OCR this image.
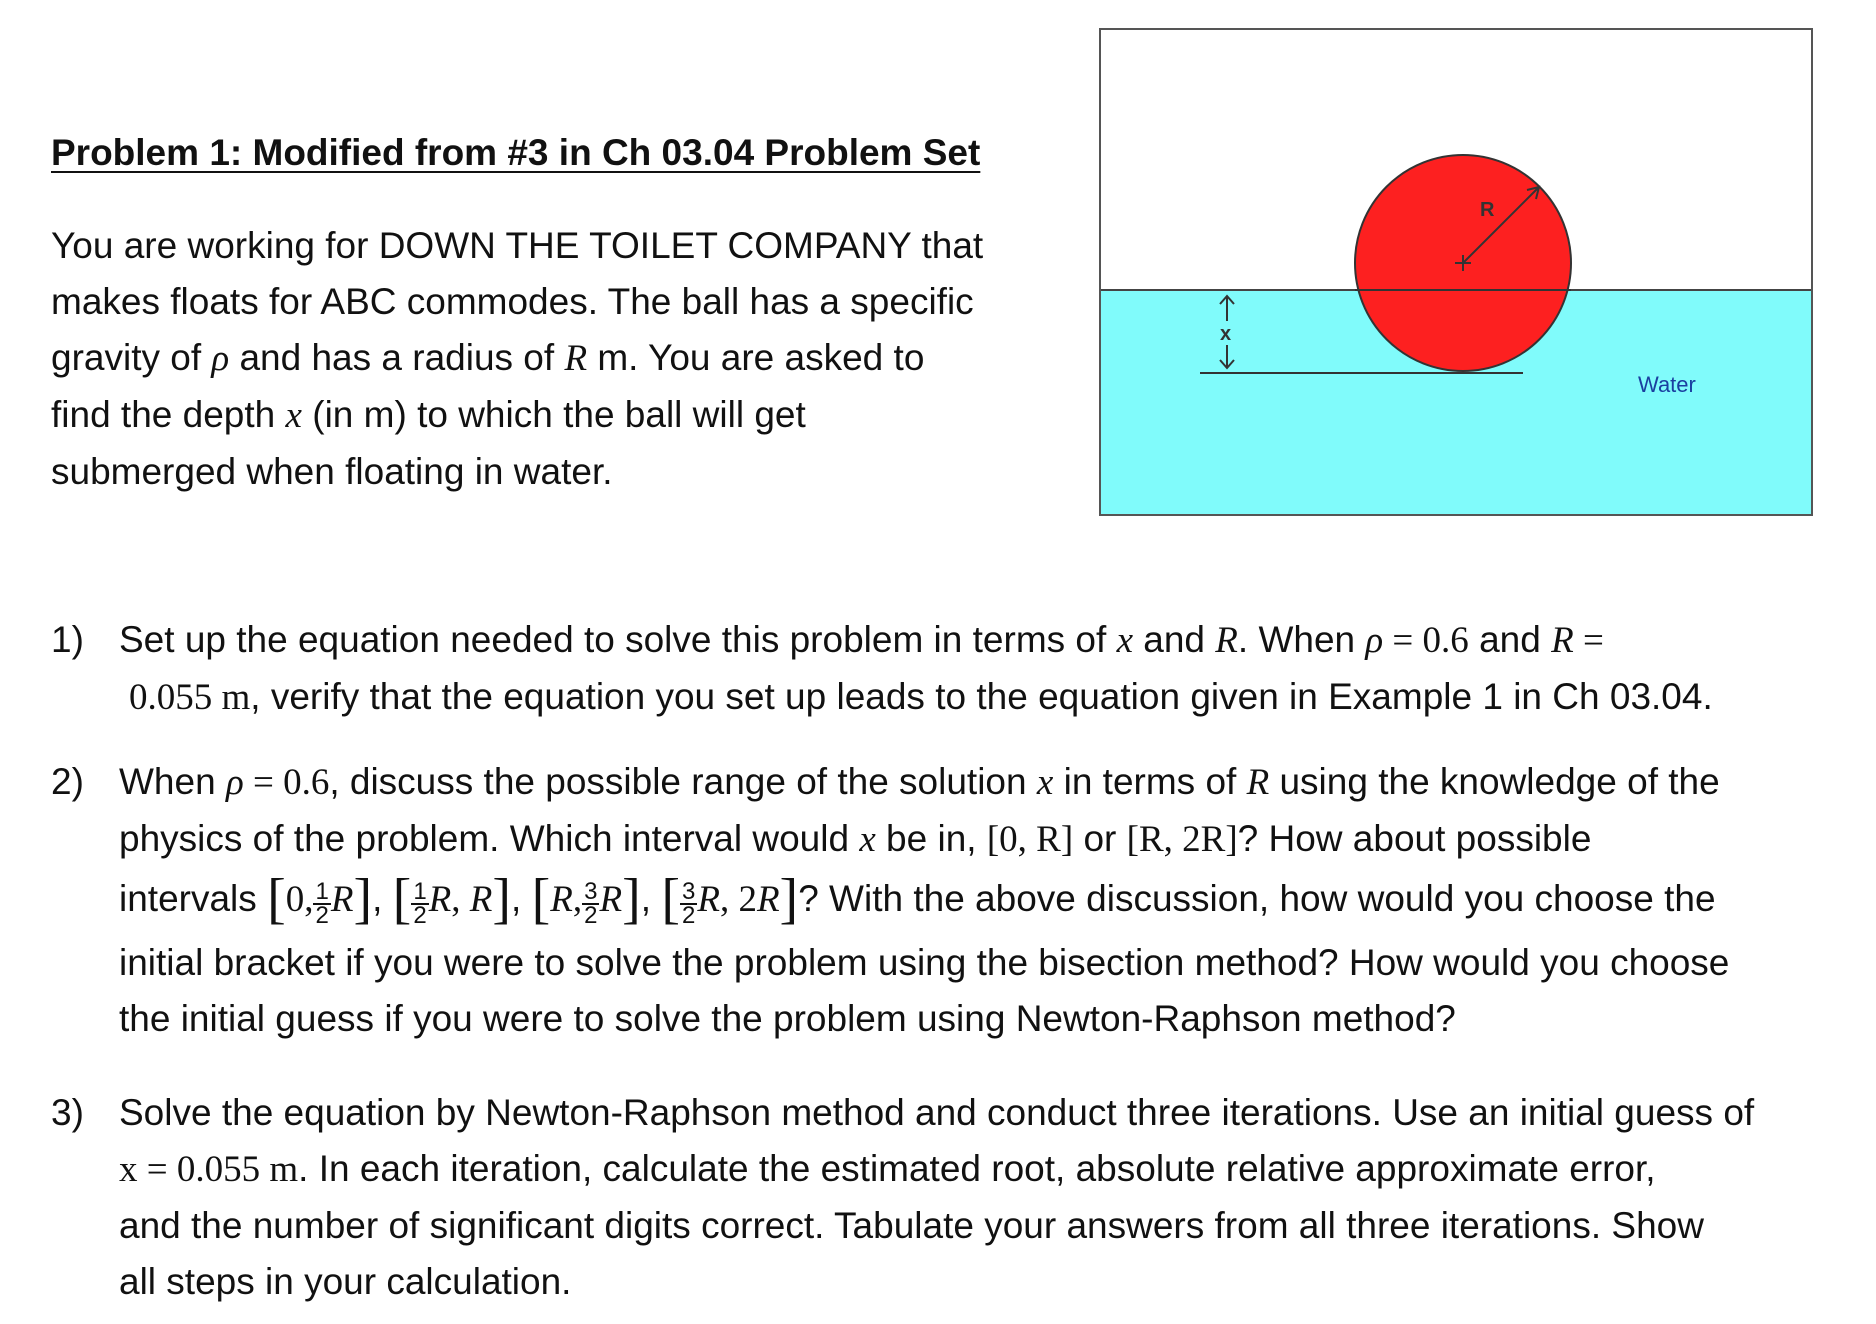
Problem 1: Modified from #3 in Ch 03.04 Problem Set
You are working for DOWN THE TOILET COMPANY that
makes floats for ABC commodes. The ball has a specific
gravity of ρ and has a radius of R m. You are asked to
find the depth x (in m) to which the ball will get
submerged when floating in water.
R
x
Water
1) Set up the equation needed to solve this problem in terms of x and R. When ρ = 0.6 and R =
0.055 m, verify that the equation you set up leads to the equation given in Example 1 in Ch 03.04.
2) When ρ = 0.6, discuss the possible range of the solution x in terms of R using the knowledge of the
physics of the problem. Which interval would x be in, [0, R] or [R, 2R]? How about possible
intervals [0, $\frac{1}{2} R$], [ $\frac{1}{2} R$, R], [R, $\frac{3}{2} R$], [ $\frac{3}{2} R$, 2R]? With the above discussion, how would you choose the
initial bracket if you were to solve the problem using the bisection method? How would you choose
the initial guess if you were to solve the problem using Newton-Raphson method?
3) Solve the equation by Newton-Raphson method and conduct three iterations. Use an initial guess of
x = 0.055 m. In each iteration, calculate the estimated root, absolute relative approximate error,
and the number of significant digits correct. Tabulate your answers from all three iterations. Show
all steps in your calculation.
